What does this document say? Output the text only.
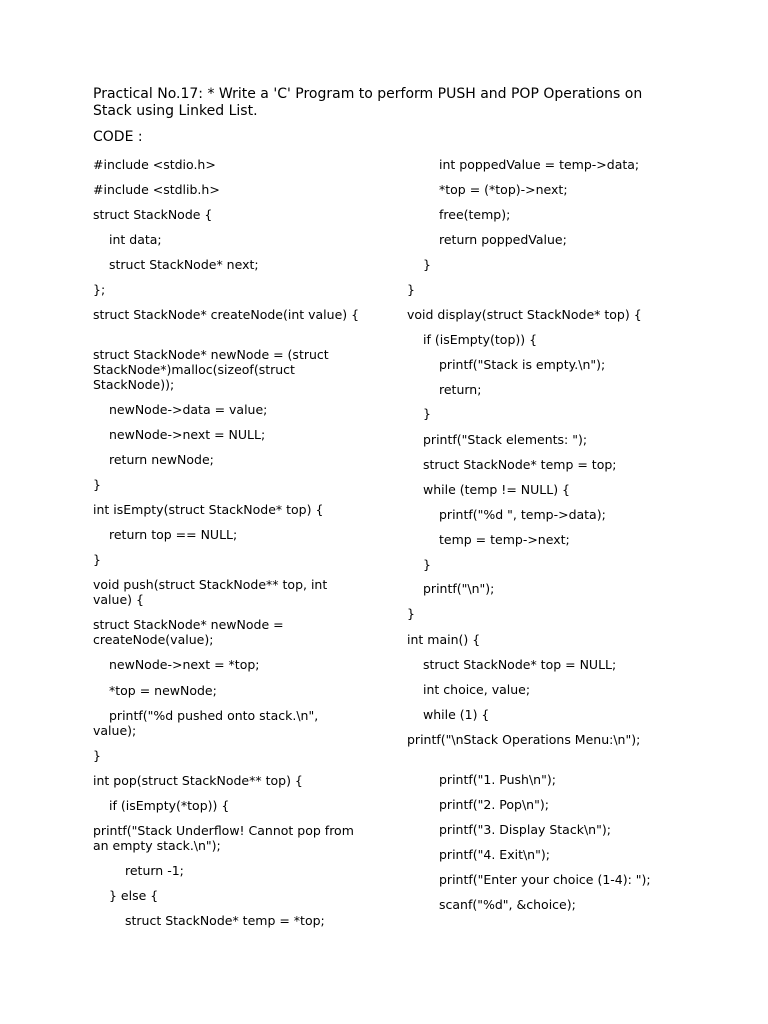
Practical No.17: * Write a 'C' Program to perform PUSH and POP Operations on Stack using Linked List.
CODE :
#include <stdio.h>
#include <stdlib.h>
struct StackNode {
int data;
struct StackNode* next;
};
struct StackNode* createNode(int value) {
struct StackNode* newNode = (struct StackNode*)malloc(sizeof(struct StackNode));
newNode->data = value;
newNode->next = NULL;
return newNode;
}
int isEmpty(struct StackNode* top) {
return top == NULL;
}
void push(struct StackNode** top, int value) {
struct StackNode* newNode = createNode(value);
newNode->next = *top;
*top = newNode;
printf("%d pushed onto stack.\n", value);
}
int pop(struct StackNode** top) {
if (isEmpty(*top)) {
printf("Stack Underflow! Cannot pop from an empty stack.\n");
return -1;
} else {
struct StackNode* temp = *top;
int poppedValue = temp->data;
*top = (*top)->next;
free(temp);
return poppedValue;
}
}
void display(struct StackNode* top) {
if (isEmpty(top)) {
printf("Stack is empty.\n");
return;
}
printf("Stack elements: ");
struct StackNode* temp = top;
while (temp != NULL) {
printf("%d ", temp->data);
temp = temp->next;
}
printf("\n");
}
int main() {
struct StackNode* top = NULL;
int choice, value;
while (1) {
printf("\nStack Operations Menu:\n");
printf("1. Push\n");
printf("2. Pop\n");
printf("3. Display Stack\n");
printf("4. Exit\n");
printf("Enter your choice (1-4): ");
scanf("%d", &choice);
